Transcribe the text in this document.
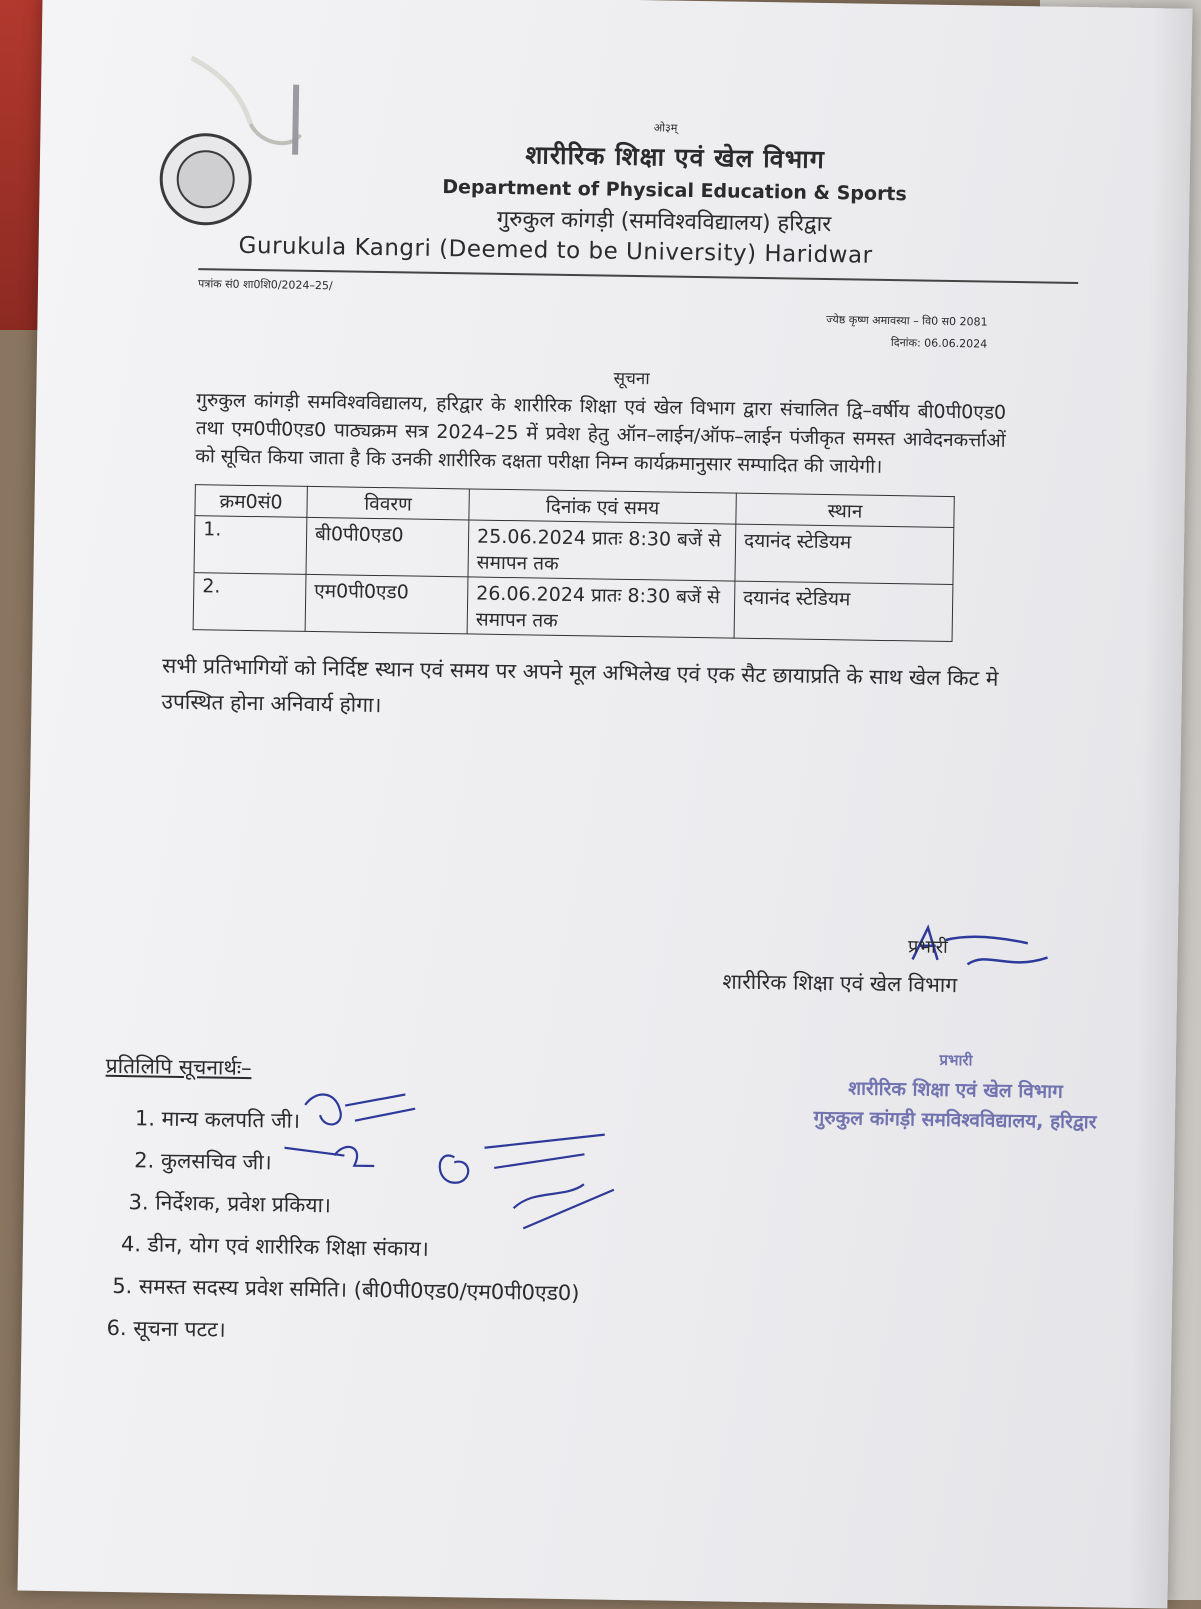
ओ३म्
शारीरिक शिक्षा एवं खेल विभाग
Department of Physical Education & Sports
गुरुकुल कांगड़ी (समविश्वविद्यालय) हरिद्वार
Gurukula Kangri (Deemed to be University) Haridwar
पत्रांक सं0 शा0शि0/2024–25/
ज्येष्ठ कृष्ण अमावस्या – वि0 स0 2081
दिनांक: 06.06.2024
सूचना
गुरुकुल कांगड़ी समविश्वविद्यालय, हरिद्वार के शारीरिक शिक्षा एवं खेल विभाग द्वारा संचालित द्वि–वर्षीय बी0पी0एड0 तथा एम0पी0एड0 पाठ्यक्रम सत्र 2024–25 में प्रवेश हेतु ऑन–लाईन/ऑफ–लाईन पंजीकृत समस्त आवेदनकर्त्ताओं को सूचित किया जाता है कि उनकी शारीरिक दक्षता परीक्षा निम्न कार्यक्रमानुसार सम्पादित की जायेगी।
क्रम0सं0	विवरण	दिनांक एवं समय	स्थान
1.	बी0पी0एड0	25.06.2024 प्रातः 8:30 बजें से समापन तक	दयानंद स्टेडियम
2.	एम0पी0एड0	26.06.2024 प्रातः 8:30 बजें से समापन तक	दयानंद स्टेडियम
सभी प्रतिभागियों को निर्दिष्ट स्थान एवं समय पर अपने मूल अभिलेख एवं एक सैट छायाप्रति के साथ खेल किट मे उपस्थित होना अनिवार्य होगा।
प्रभारी
शारीरिक शिक्षा एवं खेल विभाग
प्रभारी
शारीरिक शिक्षा एवं खेल विभाग
गुरुकुल कांगड़ी समविश्वविद्यालय, हरिद्वार
प्रतिलिपि सूचनार्थः–
1. मान्य कलपति जी।
2. कुलसचिव जी।
3. निर्देशक, प्रवेश प्रकिया।
4. डीन, योग एवं शारीरिक शिक्षा संकाय।
5. समस्त सदस्य प्रवेश समिति। (बी0पी0एड0/एम0पी0एड0)
6. सूचना पटट।
